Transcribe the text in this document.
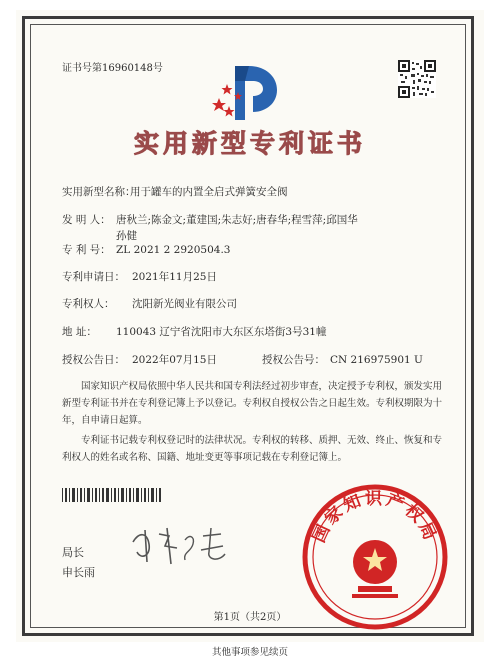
证书号第16960148号
实用新型专利证书
实用新型名称：
用于罐车的内置全启式弹簧安全阀
发 明 人： 唐秋兰;陈金文;董建国;朱志好;唐春华;程雪萍;邱国华
孙健
专 利 号： ZL 2021 2 2920504.3
专利申请日： 2021年11月25日
专利权人： 沈阳新光阀业有限公司
地 址： 110043 辽宁省沈阳市大东区东塔街3号31幢
授权公告日： 2022年07月15日	授权公告号： CN 216975901 U
国家知识产权局依照中华人民共和国专利法经过初步审查，决定授予专利权，颁发实用新型专利证书并在专利登记簿上予以登记。专利权自授权公告之日起生效。专利权期限为十年，自申请日起算。
专利证书记载专利权登记时的法律状况。专利权的转移、质押、无效、终止、恢复和专利权人的姓名或名称、国籍、地址变更等事项记载在专利登记簿上。
局长
申长雨
国家知识产权局
第1页（共2页）
其他事项参见续页
